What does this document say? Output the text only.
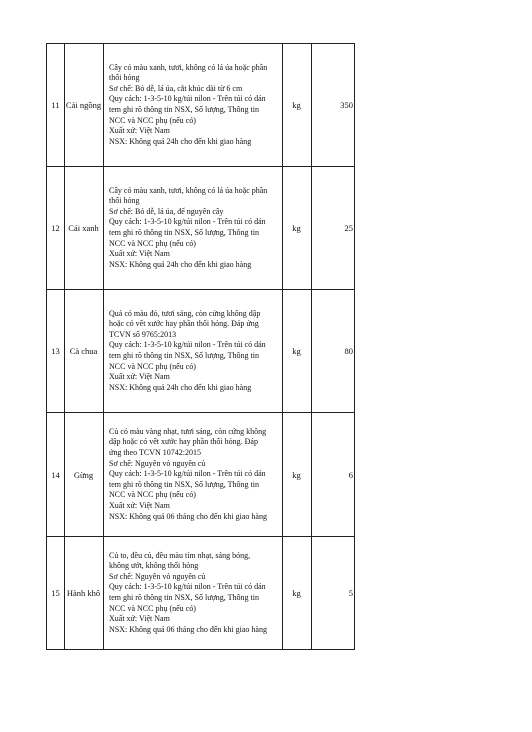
11 Cải ngồng
Cây có màu xanh, tươi, không có lá úa hoặc phần
thối hỏng
Sơ chế: Bỏ dễ, lá úa, cắt khúc dài từ 6 cm
Quy cách: 1-3-5-10 kg/túi nilon - Trên túi có dán
tem ghi rõ thông tin NSX, Số lượng, Thông tin
NCC và NCC phụ (nếu có)
Xuất xứ: Việt Nam
NSX: Không quá 24h cho đến khi giao hàng
kg	350
12	Cải xanh
Cây có màu xanh, tươi, không có lá úa hoặc phần
thối hỏng
Sơ chế: Bỏ dễ, lá úa, để nguyên cây
Quy cách: 1-3-5-10 kg/túi nilon - Trên túi có dán
tem ghi rõ thông tin NSX, Số lượng, Thông tin
NCC và NCC phụ (nếu có)
Xuất xứ: Việt Nam
NSX: Không quá 24h cho đến khi giao hàng
kg	25
13	Cà chua
Quả có màu đỏ, tươi sáng, còn cứng không dập
hoặc có vết xước hay phần thối hỏng. Đáp ứng
TCVN số 9765:2013
Quy cách: 1-3-5-10 kg/túi nilon - Trên túi có dán
tem ghi rõ thông tin NSX, Số lượng, Thông tin
NCC và NCC phụ (nếu có)
Xuất xứ: Việt Nam
NSX: Không quá 24h cho đến khi giao hàng
kg	80
14	Gừng
Củ có màu vàng nhạt, tươi sáng, còn cứng không
dập hoặc có vết xước hay phần thối hỏng. Đáp
ứng theo TCVN 10742:2015
Sơ chế: Nguyên vỏ nguyên củ
Quy cách: 1-3-5-10 kg/túi nilon - Trên túi có dán
tem ghi rõ thông tin NSX, Số lượng, Thông tin
NCC và NCC phụ (nếu có)
Xuất xứ: Việt Nam
NSX: Không quá 06 tháng cho đến khi giao hàng
kg	6
15 Hành khô
Củ to, đều củ, đều màu tím nhạt, sáng bóng,
không ướt, không thối hỏng
Sơ chế: Nguyên vỏ nguyên củ
Quy cách: 1-3-5-10 kg/túi nilon - Trên túi có dán
tem ghi rõ thông tin NSX, Số lượng, Thông tin
NCC và NCC phụ (nếu có)
Xuất xứ: Việt Nam
NSX: Không quá 06 tháng cho đến khi giao hàng
kg	5
